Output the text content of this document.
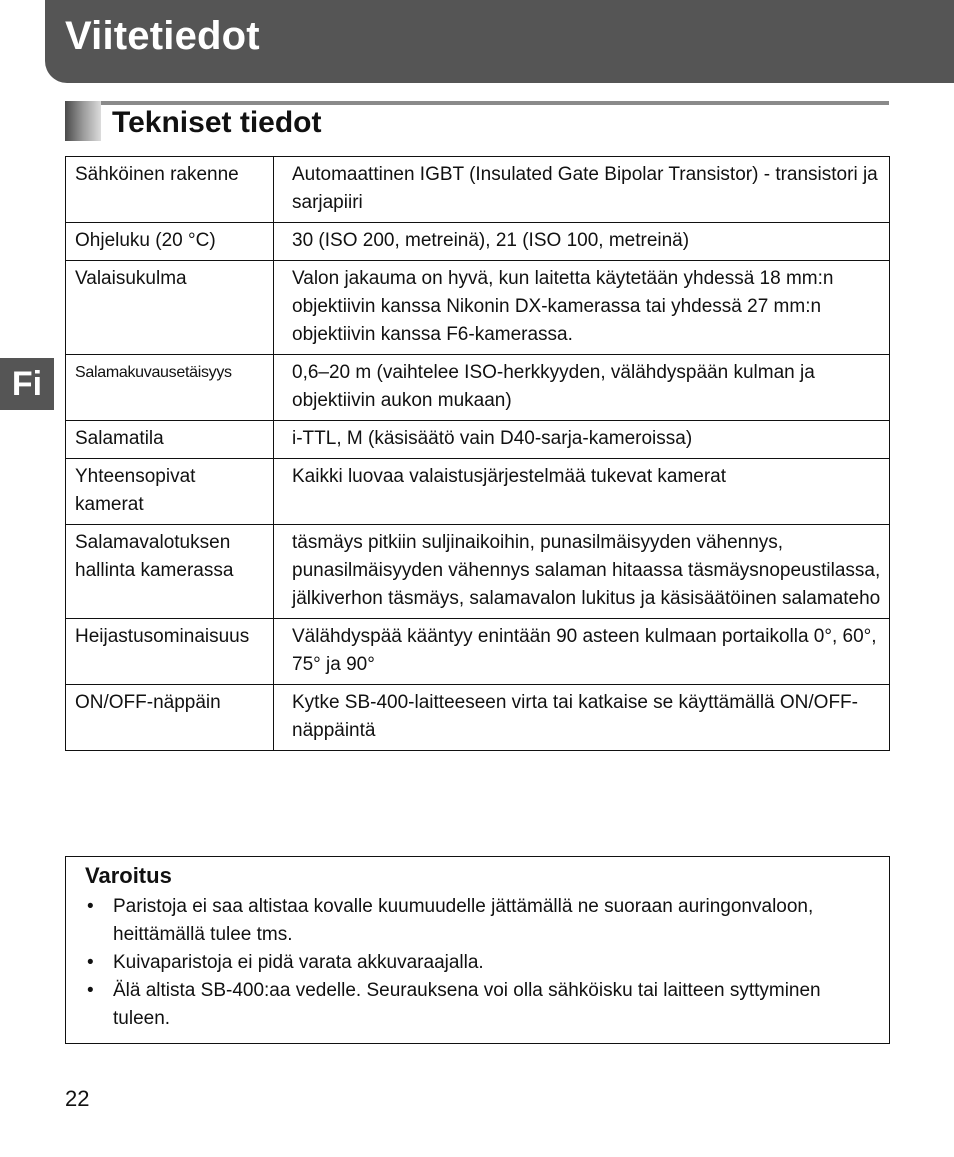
Viitetiedot
Fi
Tekniset tiedot
Sähköinen rakenne	Automaattinen IGBT (Insulated Gate Bipolar Transistor) - transistori ja sarjapiiri
Ohjeluku (20 °C)	30 (ISO 200, metreinä), 21 (ISO 100, metreinä)
Valaisukulma	Valon jakauma on hyvä, kun laitetta käytetään yhdessä 18 mm:n objektiivin kanssa Nikonin DX-kamerassa tai yhdessä 27 mm:n objektiivin kanssa F6-kamerassa.
Salamakuvausetäisyys	0,6–20 m (vaihtelee ISO-herkkyyden, välähdyspään kulman ja objektiivin aukon mukaan)
Salamatila	i-TTL, M (käsisäätö vain D40-sarja-kameroissa)
Yhteensopivat kamerat	Kaikki luovaa valaistusjärjestelmää tukevat kamerat
Salamavalotuksen hallinta kamerassa	täsmäys pitkiin suljinaikoihin, punasilmäisyyden vähennys, punasilmäisyyden vähennys salaman hitaassa täsmäysnopeustilassa, jälkiverhon täsmäys, salamavalon lukitus ja käsisäätöinen salamateho
Heijastusominaisuus	Välähdyspää kääntyy enintään 90 asteen kulmaan portaikolla 0°, 60°, 75° ja 90°
ON/OFF-näppäin	Kytke SB-400-laitteeseen virta tai katkaise se käyttämällä ON/OFF-näppäintä
Varoitus
• Paristoja ei saa altistaa kovalle kuumuudelle jättämällä ne suoraan auringonvaloon, heittämällä tulee tms.
• Kuivaparistoja ei pidä varata akkuvaraajalla.
• Älä altista SB-400:aa vedelle. Seurauksena voi olla sähköisku tai laitteen syttyminen tuleen.
22
